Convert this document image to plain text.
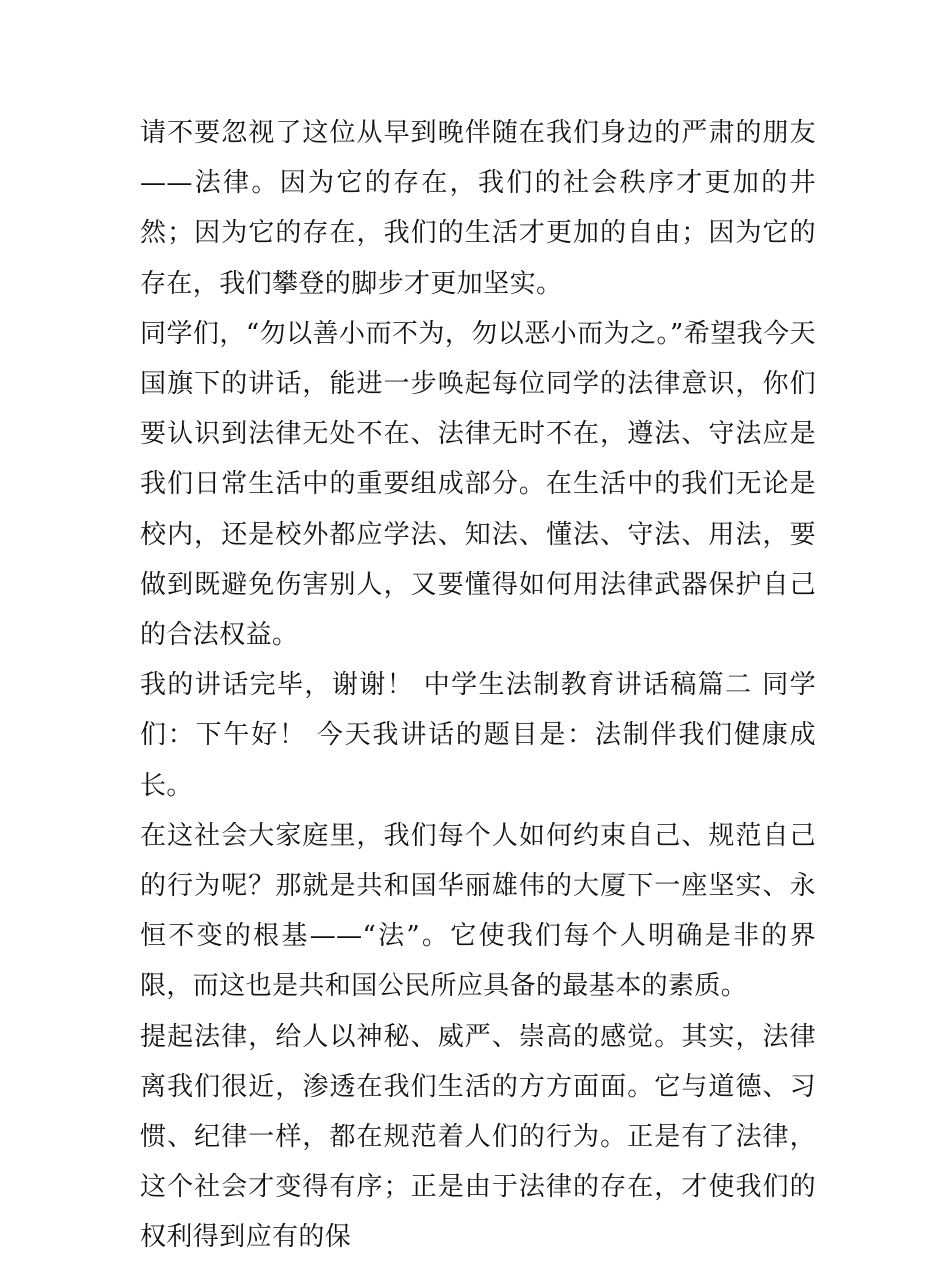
请不要忽视了这位从早到晚伴随在我们身边的严肃的朋友——法律。因为它的存在，我们的社会秩序才更加的井然；因为它的存在，我们的生活才更加的自由；因为它的存在，我们攀登的脚步才更加坚实。

同学们，“勿以善小而不为，勿以恶小而为之。”希望我今天国旗下的讲话，能进一步唤起每位同学的法律意识，你们要认识到法律无处不在、法律无时不在，遵法、守法应是我们日常生活中的重要组成部分。在生活中的我们无论是校内，还是校外都应学法、知法、懂法、守法、用法，要做到既避免伤害别人，又要懂得如何用法律武器保护自己的合法权益。

我的讲话完毕，谢谢！ 中学生法制教育讲话稿篇二 同学们：下午好！ 今天我讲话的题目是：法制伴我们健康成长。

在这社会大家庭里，我们每个人如何约束自己、规范自己的行为呢？那就是共和国华丽雄伟的大厦下一座坚实、永恒不变的根基——“法”。它使我们每个人明确是非的界限，而这也是共和国公民所应具备的最基本的素质。

提起法律，给人以神秘、威严、崇高的感觉。其实，法律离我们很近，渗透在我们生活的方方面面。它与道德、习惯、纪律一样，都在规范着人们的行为。正是有了法律，这个社会才变得有序；正是由于法律的存在，才使我们的权利得到应有的保
